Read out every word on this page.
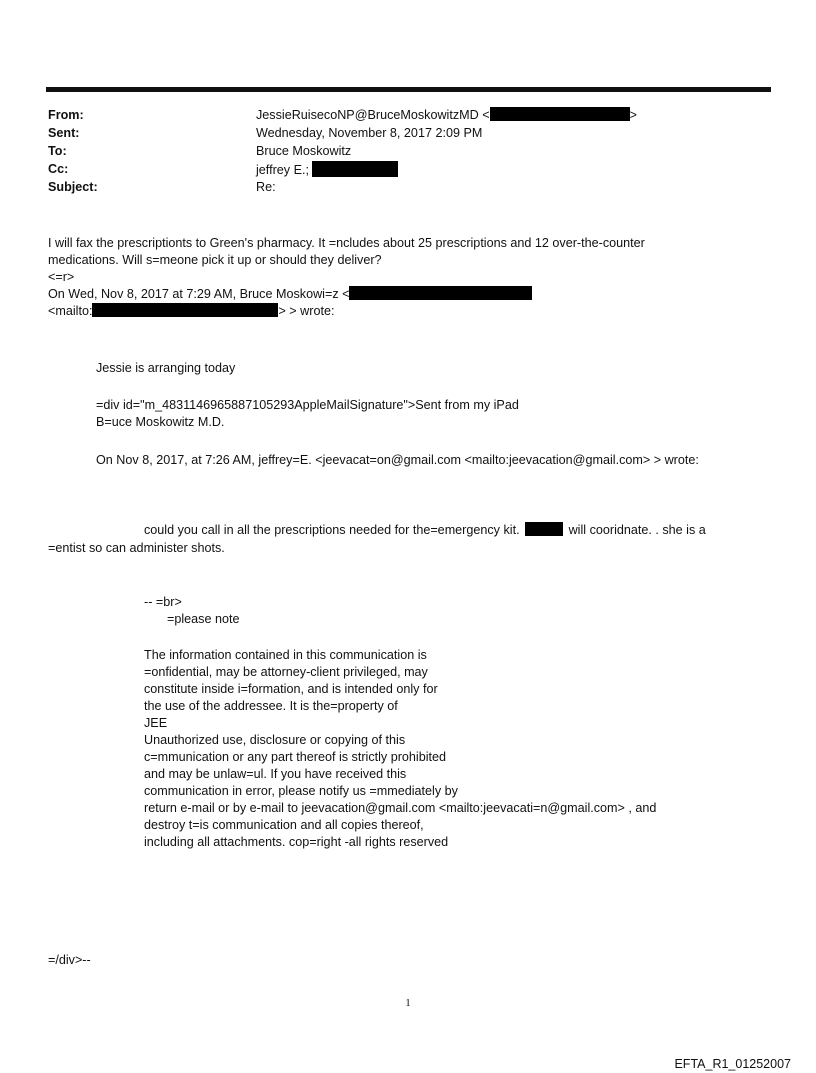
From:	JessieRuisecoNP@BruceMoskowitzMD <	>
Sent:	Wednesday, November 8, 2017 2:09 PM
To:	Bruce Moskowitz
Cc:	jeffrey E.;
Subject:	Re:
I will fax the prescriptionts to Green's pharmacy. It =ncludes about 25 prescriptions and 12 over-the-counter
medications. Will s=meone pick it up or should they deliver?
<=r>
On Wed, Nov 8, 2017 at 7:29 AM, Bruce Moskowi=z <
<mailto:	> > wrote:
Jessie is arranging today
=div id="m_4831146965887105293AppleMailSignature">Sent from my iPad
B=uce Moskowitz M.D.
On Nov 8, 2017, at 7:26 AM, jeffrey=E. <jeevacat=on@gmail.com <mailto:jeevacation@gmail.com> > wrote:
could you call in all the prescriptions needed for the=emergency kit.	will cooridnate. . she is a
=entist so can administer shots.
-- =br>
=please note
The information contained in this communication is
=onfidential, may be attorney-client privileged, may
constitute inside i=formation, and is intended only for
the use of the addressee. It is the=property of
JEE
Unauthorized use, disclosure or copying of this
c=mmunication or any part thereof is strictly prohibited
and may be unlaw=ul. If you have received this
communication in error, please notify us =mmediately by
return e-mail or by e-mail to jeevacation@gmail.com <mailto:jeevacati=n@gmail.com> , and
destroy t=is communication and all copies thereof,
including all attachments. cop=right -all rights reserved
=/div>--
1
EFTA_R1_01252007
